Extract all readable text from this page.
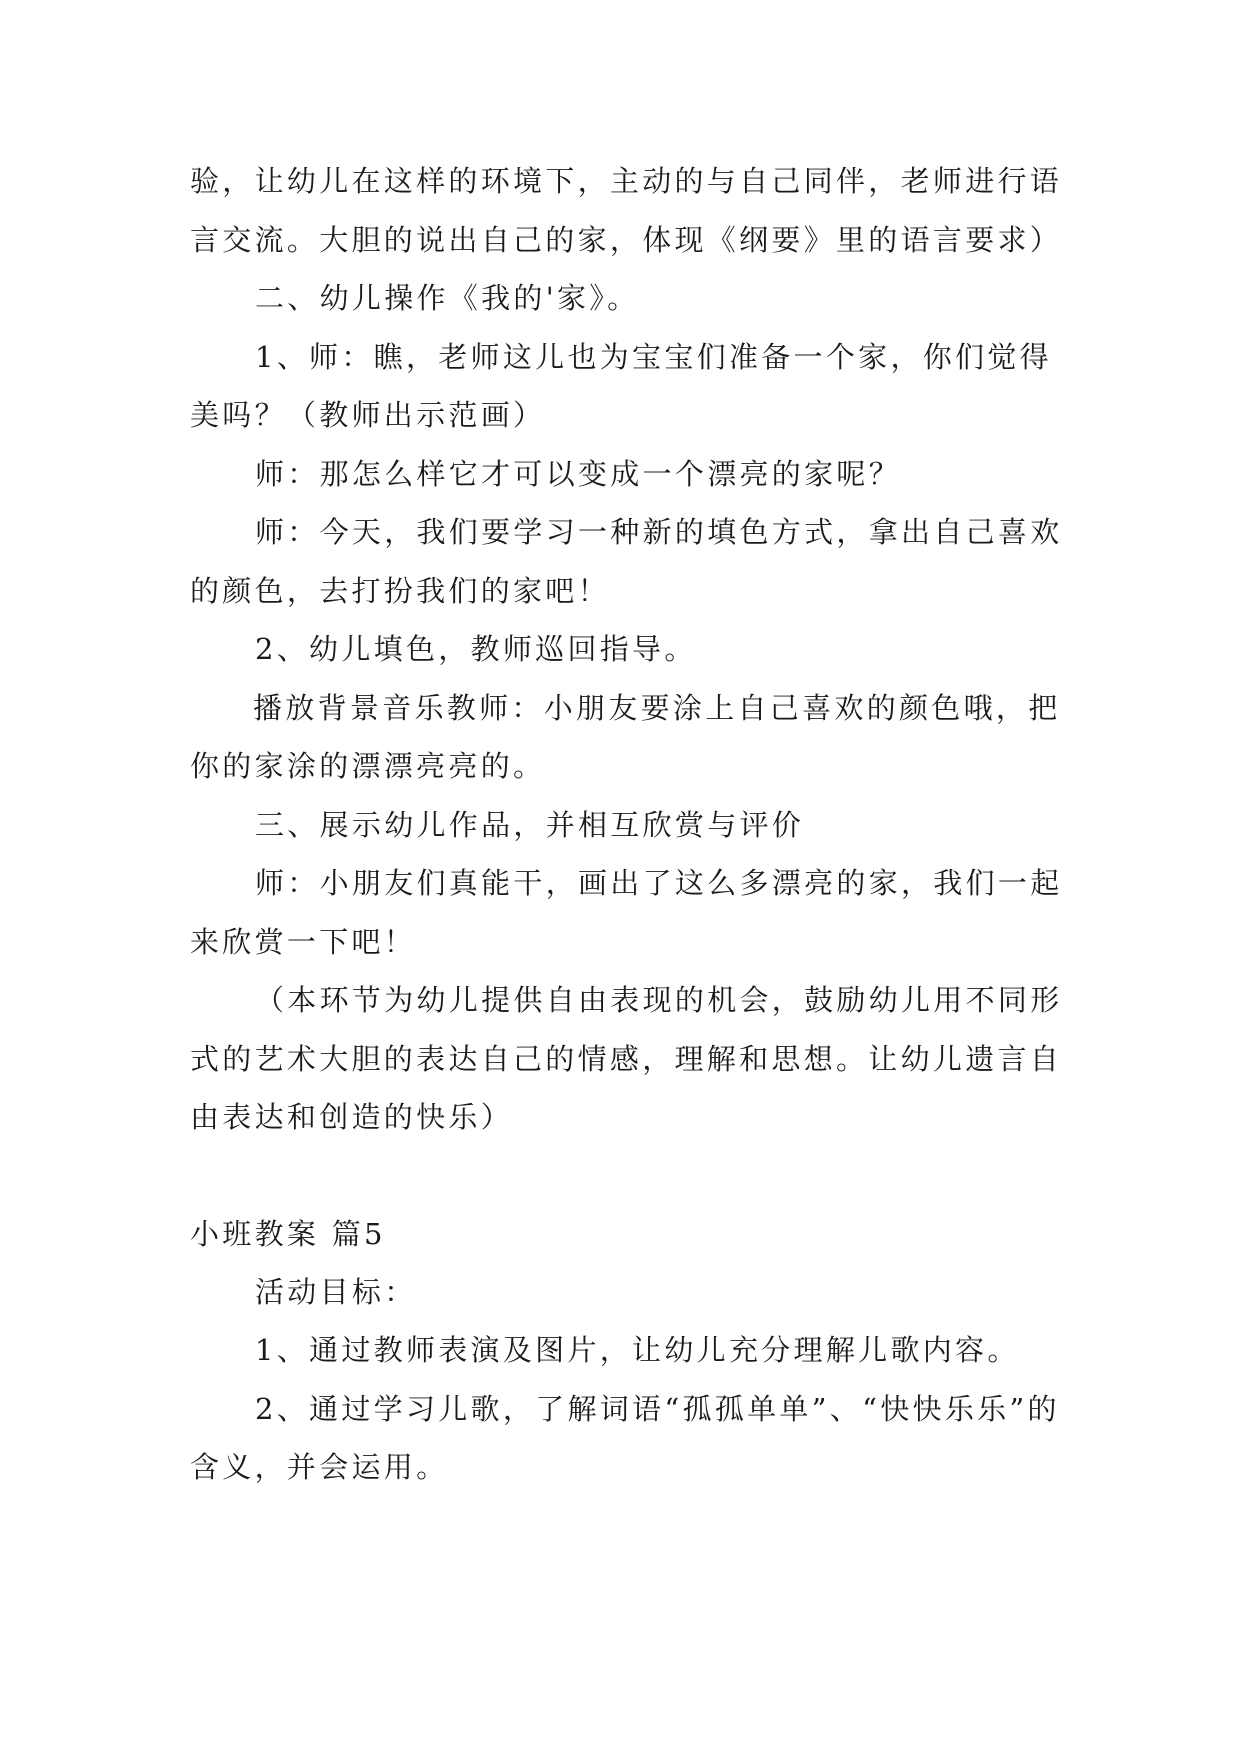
验，让幼儿在这样的环境下，主动的与自己同伴，老师进行语言交流。大胆的说出自己的家，体现《纲要》里的语言要求）

二、幼儿操作《我的'家》。

1、师：瞧，老师这儿也为宝宝们准备一个家，你们觉得美吗？（教师出示范画）

师：那怎么样它才可以变成一个漂亮的家呢？

师：今天，我们要学习一种新的填色方式，拿出自己喜欢的颜色，去打扮我们的家吧！

2、幼儿填色，教师巡回指导。

播放背景音乐教师：小朋友要涂上自己喜欢的颜色哦，把你的家涂的漂漂亮亮的。

三、展示幼儿作品，并相互欣赏与评价

师：小朋友们真能干，画出了这么多漂亮的家，我们一起来欣赏一下吧！

（本环节为幼儿提供自由表现的机会，鼓励幼儿用不同形式的艺术大胆的表达自己的情感，理解和思想。让幼儿遗言自由表达和创造的快乐）

小班教案 篇5

活动目标：

1、通过教师表演及图片，让幼儿充分理解儿歌内容。

2、通过学习儿歌，了解词语“孤孤单单”、“快快乐乐”的含义，并会运用。
